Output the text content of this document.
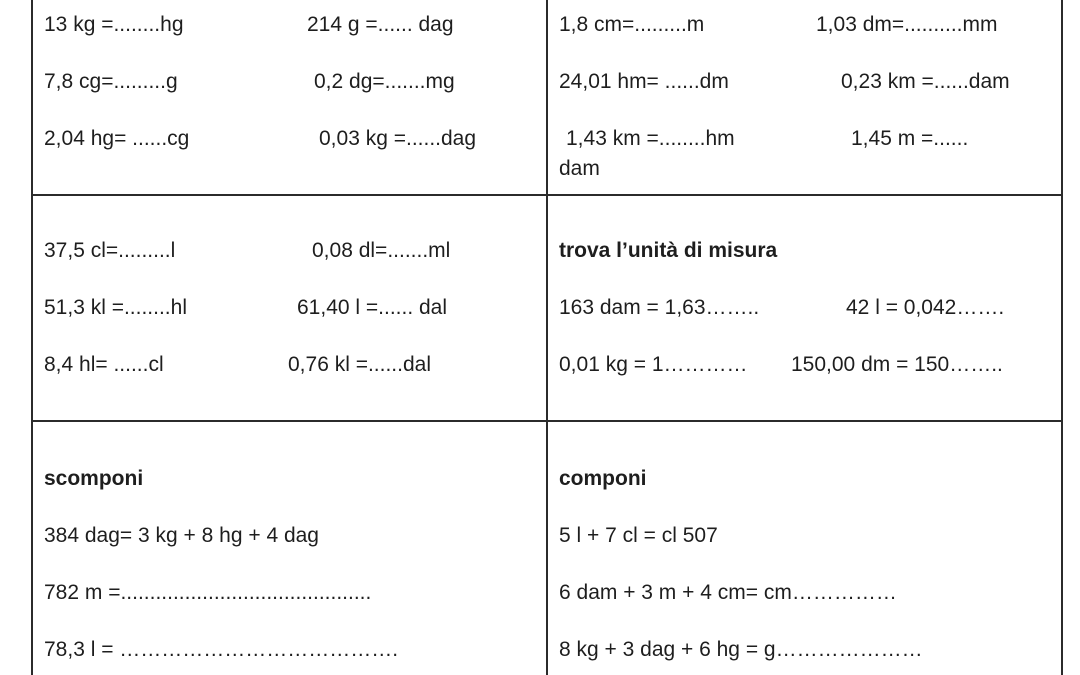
13 kg =........hg	214 g =...... dag
7,8 cg=.........g	0,2 dg=.......mg
2,04 hg= ......cg	0,03 kg =......dag
1,8 cm=.........m	1,03 dm=..........mm
24,01 hm= ......dm	0,23 km =......dam
1,43 km =........hm	1,45 m =......
dam
37,5 cl=.........l	0,08 dl=.......ml
51,3 kl =........hl	61,40 l =...... dal
8,4 hl= ......cl	0,76 kl =......dal
trova l’unità di misura
163 dam = 1,63……..	42 l = 0,042…….
0,01 kg = 1………… 150,00 dm = 150……..
scomponi
384 dag= 3 kg + 8 hg + 4 dag
782 m =...........................................
78,3 l = ………………………………….
componi
5 l + 7 cl = cl 507
6 dam + 3 m + 4 cm= cm……………
8 kg + 3 dag + 6 hg = g…………………
